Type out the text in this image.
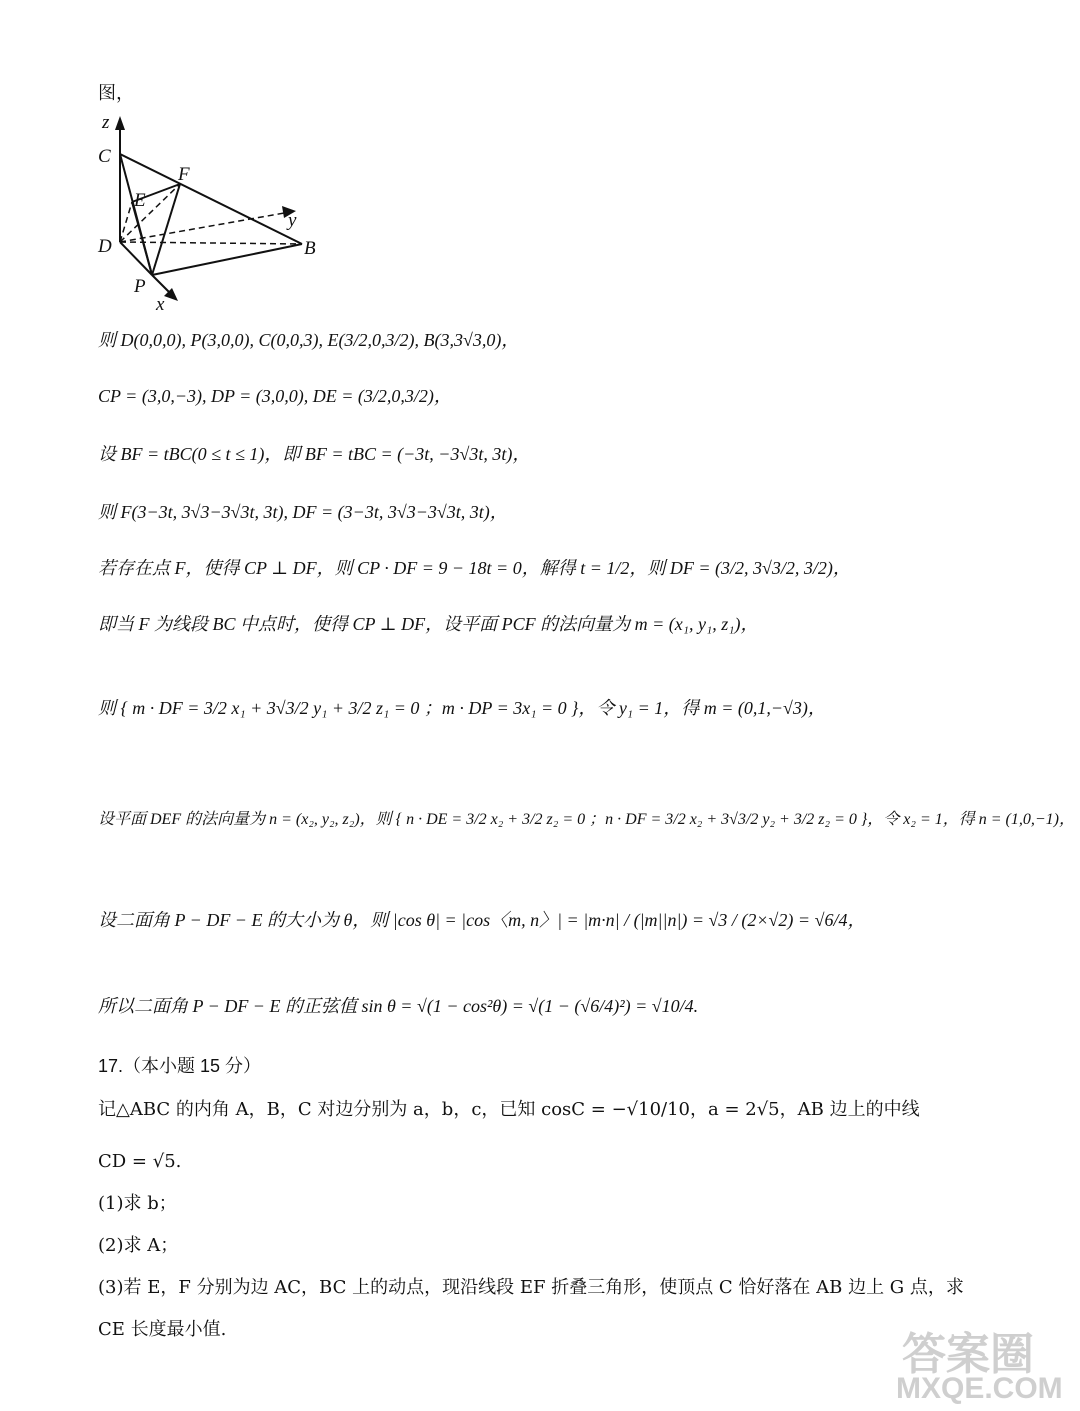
图，
z
C
F
E
y
D	B
P
x
则 D(0,0,0), P(3,0,0), C(0,0,3), E(3/2,0,3/2), B(3,3√3,0)，
CP = (3,0,−3), DP = (3,0,0), DE = (3/2,0,3/2)，
设 BF = tBC(0 ≤ t ≤ 1)，即 BF = tBC = (−3t, −3√3t, 3t)，
则 F(3−3t, 3√3−3√3t, 3t), DF = (3−3t, 3√3−3√3t, 3t)，
若存在点 F，使得 CP ⊥ DF，则 CP · DF = 9 − 18t = 0，解得 t = 1/2，则 DF = (3/2, 3√3/2, 3/2)，
即当 F 为线段 BC 中点时，使得 CP ⊥ DF，设平面 PCF 的法向量为 m = (x₁, y₁, z₁)，
则 { m · DF = 3/2 x₁ + 3√3/2 y₁ + 3/2 z₁ = 0 ；m · DP = 3x₁ = 0 }，令 y₁ = 1，得 m = (0,1,−√3)，
设平面 DEF 的法向量为 n = (x₂, y₂, z₂)，则 { n · DE = 3/2 x₂ + 3/2 z₂ = 0 ；n · DF = 3/2 x₂ + 3√3/2 y₂ + 3/2 z₂ = 0 }，令 x₂ = 1，得 n = (1,0,−1)，
设二面角 P − DF − E 的大小为 θ，则 |cos θ| = |cos〈m, n〉| = |m·n| / (|m||n|) = √3 / (2×√2) = √6/4，
所以二面角 P − DF − E 的正弦值 sin θ = √(1 − cos²θ) = √(1 − (√6/4)²) = √10/4.
17.（本小题 15 分）
记△ABC 的内角 A，B，C 对边分别为 a，b，c，已知 cosC = −√10/10，a = 2√5，AB 边上的中线
CD = √5.
(1)求 b；
(2)求 A；
(3)若 E，F 分别为边 AC，BC 上的动点，现沿线段 EF 折叠三角形，使顶点 C 恰好落在 AB 边上 G 点，求
CE 长度最小值.
答案圈
MXQE.COM
